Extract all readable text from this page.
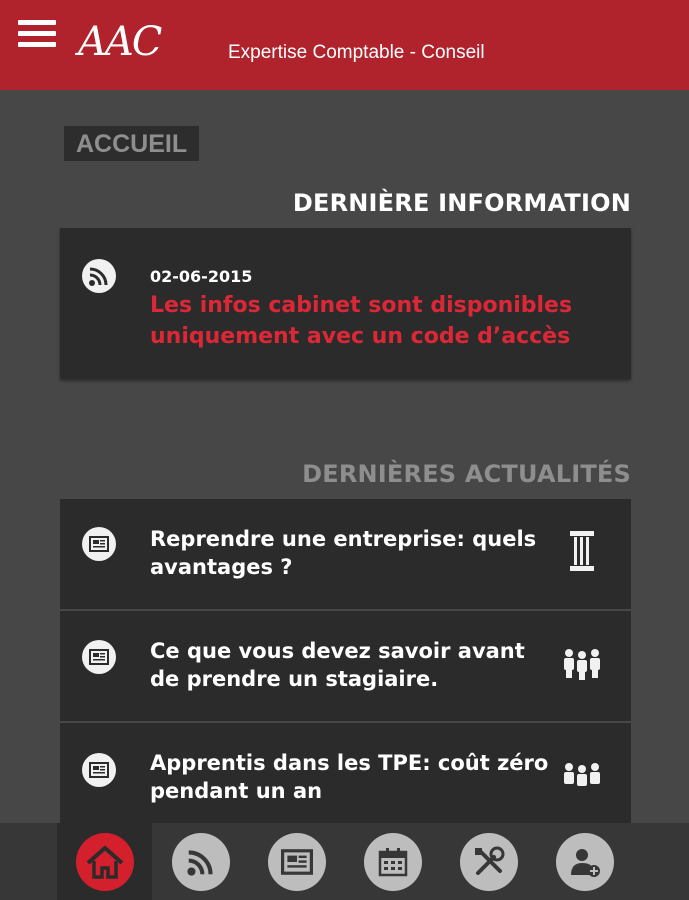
AAC	Expertise Comptable - Conseil
ACCUEIL
DERNIÈRE INFORMATION
02-06-2015
Les infos cabinet sont disponibles uniquement avec un code d’accès
DERNIÈRES ACTUALITÉS
Reprendre une entreprise: quels avantages ?
Ce que vous devez savoir avant de prendre un stagiaire.
Apprentis dans les TPE: coût zéro pendant un an
